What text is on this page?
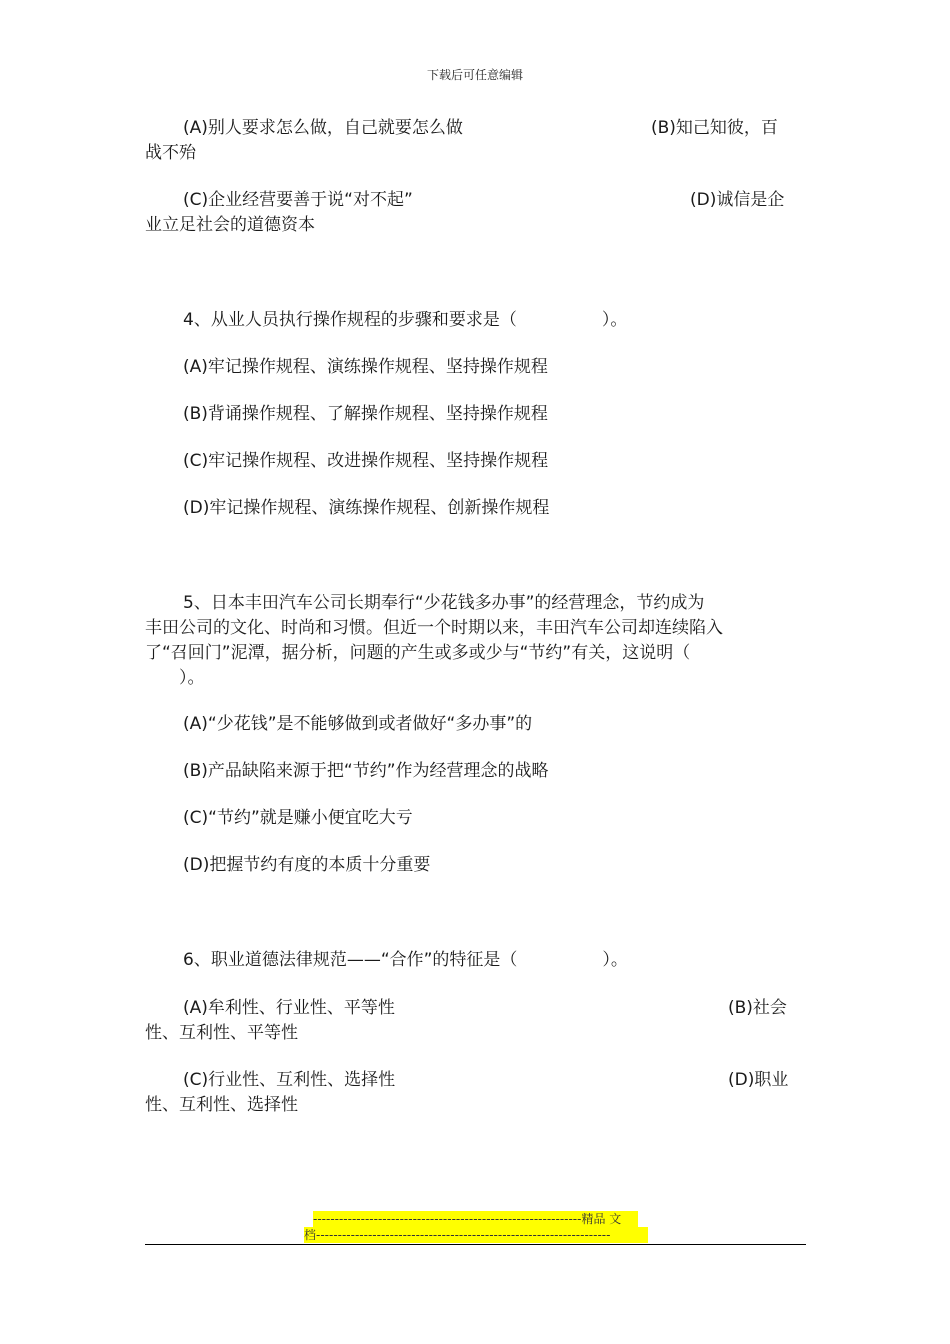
下载后可任意编辑
(A)别人要求怎么做，自己就要怎么做	(B)知己知彼，百
战不殆
(C)企业经营要善于说“对不起”	(D)诚信是企
业立足社会的道德资本
4、从业人员执行操作规程的步骤和要求是（　　　　　）。
(A)牢记操作规程、演练操作规程、坚持操作规程
(B)背诵操作规程、了解操作规程、坚持操作规程
(C)牢记操作规程、改进操作规程、坚持操作规程
(D)牢记操作规程、演练操作规程、创新操作规程
5、日本丰田汽车公司长期奉行“少花钱多办事”的经营理念，节约成为
丰田公司的文化、时尚和习惯。但近一个时期以来，丰田汽车公司却连续陷入
了“召回门”泥潭，据分析，问题的产生或多或少与“节约”有关，这说明（
　　）。
(A)“少花钱”是不能够做到或者做好“多办事”的
(B)产品缺陷来源于把“节约”作为经营理念的战略
(C)“节约”就是赚小便宜吃大亏
(D)把握节约有度的本质十分重要
6、职业道德法律规范——“合作”的特征是（　　　　　）。
(A)牟利性、行业性、平等性	(B)社会
性、互利性、平等性
(C)行业性、互利性、选择性	(D)职业
性、互利性、选择性
--------------------------------------------------------------精品 文
档--------------------------------------------------------------------
